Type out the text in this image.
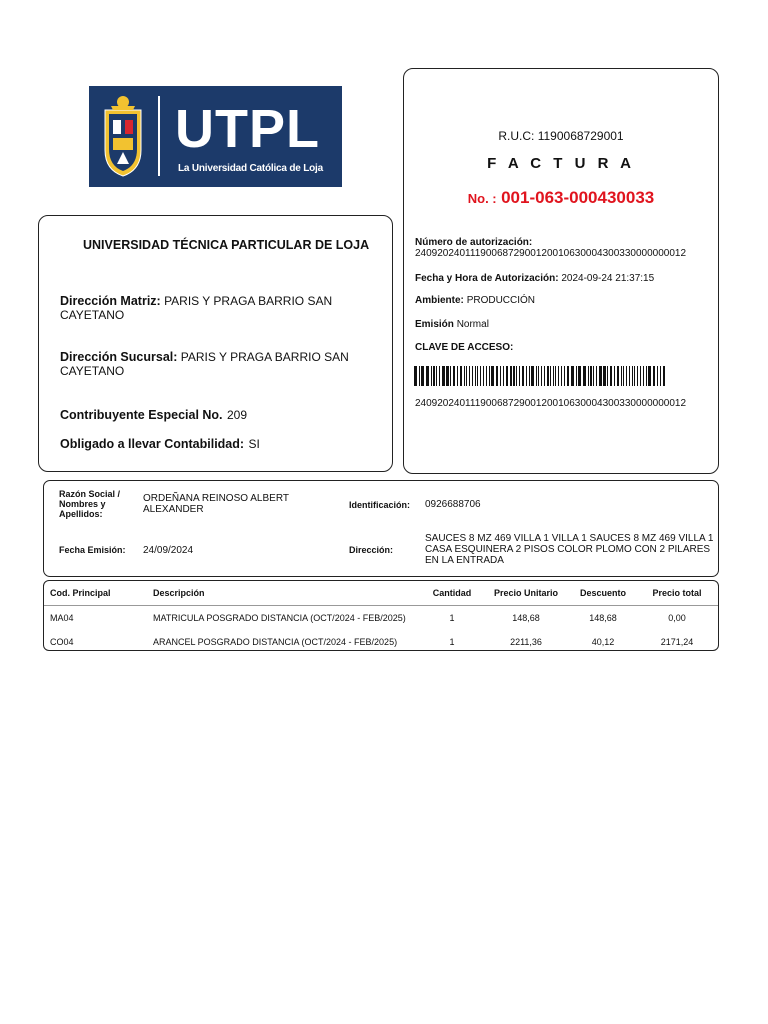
UTPL
La Universidad Católica de Loja
UNIVERSIDAD TÉCNICA PARTICULAR DE LOJA
Dirección Matriz: PARIS Y PRAGA BARRIO SAN CAYETANO
Dirección Sucursal: PARIS Y PRAGA BARRIO SAN CAYETANO
Contribuyente Especial No. 209
Obligado a llevar Contabilidad: SI
R.U.C: 1190068729001
F A C T U R A
No. : 001-063-000430033
Número de autorización:
2409202401119006872900120010630004300330000000012
Fecha y Hora de Autorización: 2024-09-24 21:37:15
Ambiente: PRODUCCIÓN
Emisión Normal
CLAVE DE ACCESO:
2409202401119006872900120010630004300330000000012
Razón Social / Nombres y Apellidos:
ORDEÑANA REINOSO ALBERT ALEXANDER	Identificación: 0926688706
Fecha Emisión: 24/09/2024	Dirección:
SAUCES 8 MZ 469 VILLA 1 VILLA 1 SAUCES 8 MZ 469 VILLA 1 CASA ESQUINERA 2 PISOS COLOR PLOMO CON 2 PILARES EN LA ENTRADA
Cod. Principal	Descripción	Cantidad	Precio Unitario	Descuento	Precio total
MA04	MATRICULA POSGRADO DISTANCIA (OCT/2024 - FEB/2025)	1	148,68	148,68	0,00
CO04	ARANCEL POSGRADO DISTANCIA (OCT/2024 - FEB/2025)	1	2211,36	40,12	2171,24
